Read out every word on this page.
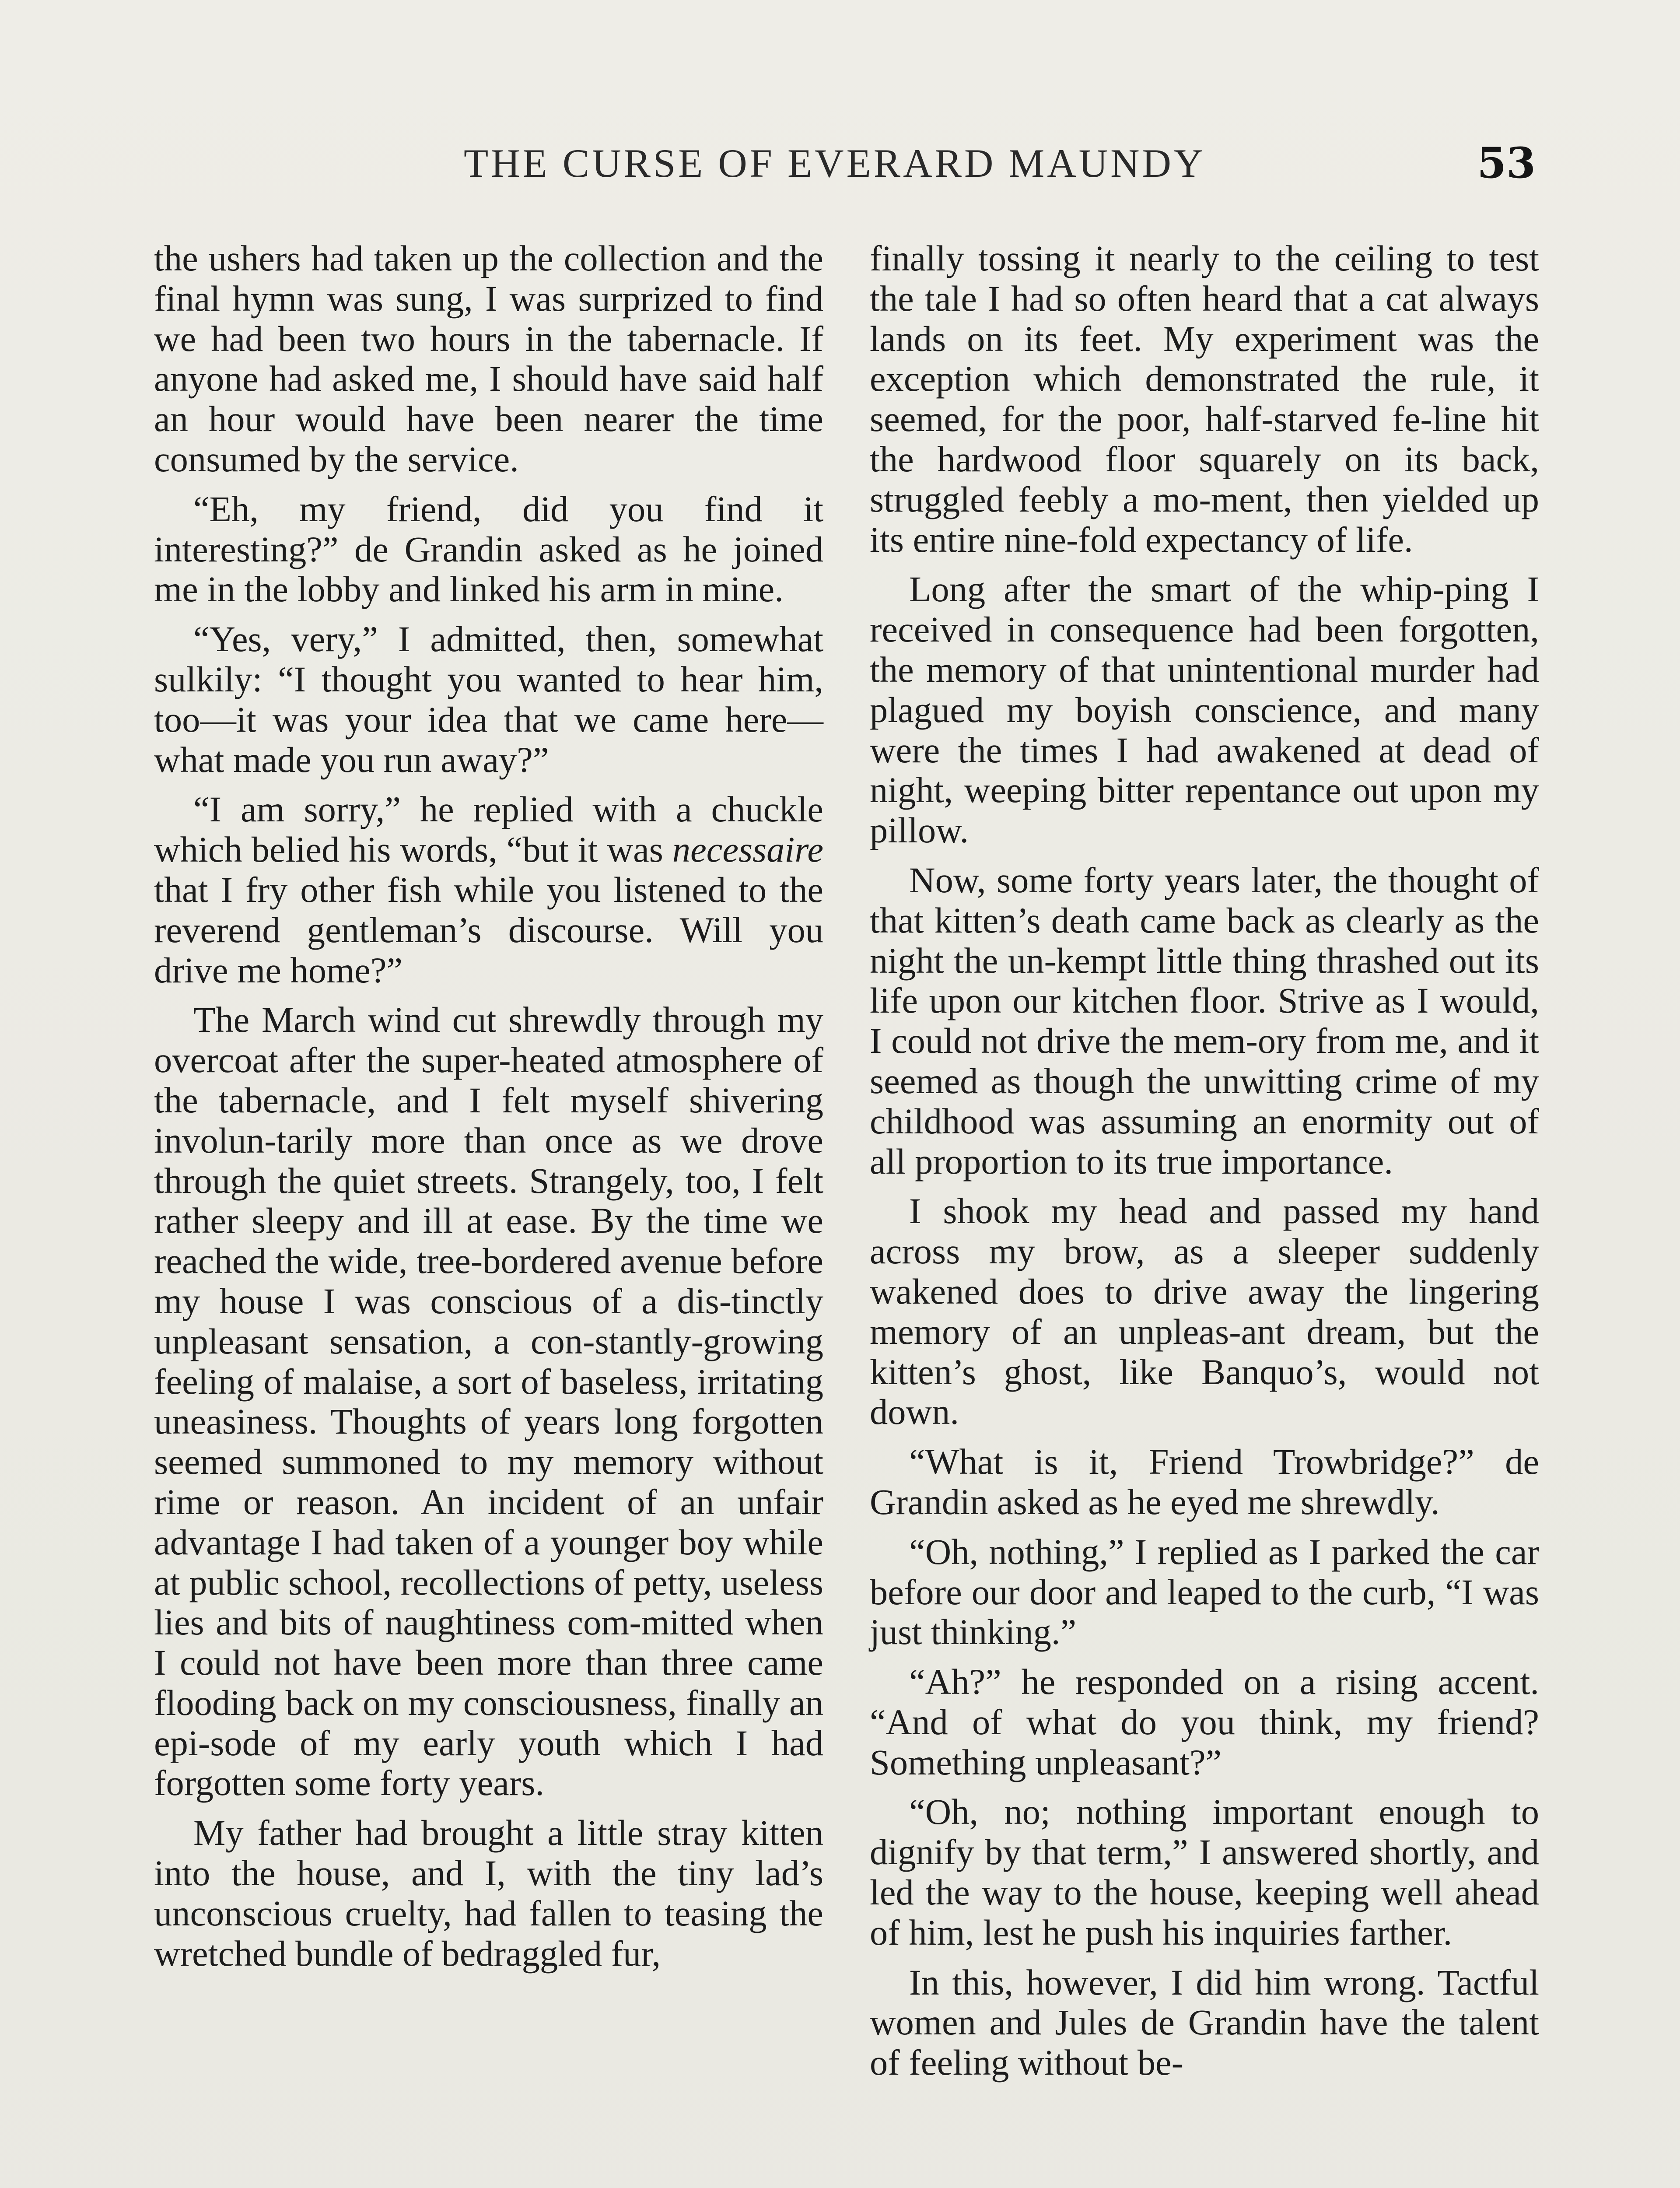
THE CURSE OF EVERARD MAUNDY	53

the ushers had taken up the collection and the final hymn was sung, I was surprized to find we had been two hours in the tabernacle. If anyone had asked me, I should have said half an hour would have been nearer the time consumed by the service.

“Eh, my friend, did you find it interesting?” de Grandin asked as he joined me in the lobby and linked his arm in mine.

“Yes, very,” I admitted, then, somewhat sulkily: “I thought you wanted to hear him, too—it was your idea that we came here—what made you run away?”

“I am sorry,” he replied with a chuckle which belied his words, “but it was necessaire that I fry other fish while you listened to the reverend gentleman’s discourse. Will you drive me home?”

The March wind cut shrewdly through my overcoat after the super-heated atmosphere of the tabernacle, and I felt myself shivering involun-tarily more than once as we drove through the quiet streets. Strangely, too, I felt rather sleepy and ill at ease. By the time we reached the wide, tree-bordered avenue before my house I was conscious of a dis-tinctly unpleasant sensation, a con-stantly-growing feeling of malaise, a sort of baseless, irritating uneasiness. Thoughts of years long forgotten seemed summoned to my memory without rime or reason. An incident of an unfair advantage I had taken of a younger boy while at public school, recollections of petty, useless lies and bits of naughtiness com-mitted when I could not have been more than three came flooding back on my consciousness, finally an epi-sode of my early youth which I had forgotten some forty years.

My father had brought a little stray kitten into the house, and I, with the tiny lad’s unconscious cruelty, had fallen to teasing the wretched bundle of bedraggled fur,

finally tossing it nearly to the ceiling to test the tale I had so often heard that a cat always lands on its feet. My experiment was the exception which demonstrated the rule, it seemed, for the poor, half-starved fe-line hit the hardwood floor squarely on its back, struggled feebly a mo-ment, then yielded up its entire nine-fold expectancy of life.

Long after the smart of the whip-ping I received in consequence had been forgotten, the memory of that unintentional murder had plagued my boyish conscience, and many were the times I had awakened at dead of night, weeping bitter repentance out upon my pillow.

Now, some forty years later, the thought of that kitten’s death came back as clearly as the night the un-kempt little thing thrashed out its life upon our kitchen floor. Strive as I would, I could not drive the mem-ory from me, and it seemed as though the unwitting crime of my childhood was assuming an enormity out of all proportion to its true importance.

I shook my head and passed my hand across my brow, as a sleeper suddenly wakened does to drive away the lingering memory of an unpleas-ant dream, but the kitten’s ghost, like Banquo’s, would not down.

“What is it, Friend Trowbridge?” de Grandin asked as he eyed me shrewdly.

“Oh, nothing,” I replied as I parked the car before our door and leaped to the curb, “I was just thinking.”

“Ah?” he responded on a rising accent. “And of what do you think, my friend? Something unpleasant?”

“Oh, no; nothing important enough to dignify by that term,” I answered shortly, and led the way to the house, keeping well ahead of him, lest he push his inquiries farther.

In this, however, I did him wrong. Tactful women and Jules de Grandin have the talent of feeling without be-
